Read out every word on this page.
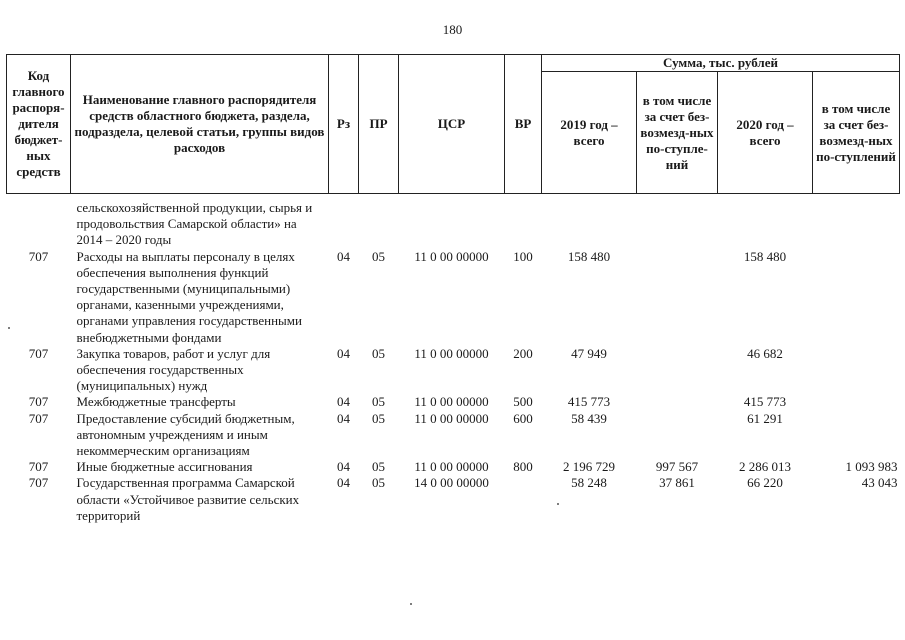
180
Код главного распоря-дителя бюджет-ных средств	Наименование главного распорядителя средств областного бюджета, раздела, подраздела, целевой статьи, группы видов расходов	Рз	ПР	ЦСР	ВР	Сумма, тыс. рублей			
						2019 год – всего	в том числе за счет без-возмезд-ных по-ступле-ний	2020 год – всего	в том числе за счет без-возмезд-ных по-ступлений

	сельскохозяйственной продукции, сырья и продовольствия Самарской области» на 2014 – 2020 годы								
707	Расходы на выплаты персоналу в целях обеспечения выполнения функций государственными (муниципальными) органами, казенными учреждениями, органами управления государственными внебюджетными фондами	04	05	11 0 00 00000	100	158 480		158 480	
707	Закупка товаров, работ и услуг для обеспечения государственных (муниципальных) нужд	04	05	11 0 00 00000	200	47 949		46 682	
707	Межбюджетные трансферты	04	05	11 0 00 00000	500	415 773		415 773	
707	Предоставление субсидий бюджетным, автономным учреждениям и иным некоммерческим организациям	04	05	11 0 00 00000	600	58 439		61 291	
707	Иные бюджетные ассигнования	04	05	11 0 00 00000	800	2 196 729	997 567	2 286 013	1 093 983
707	Государственная программа Самарской области «Устойчивое развитие сельских территорий	04	05	14 0 00 00000		58 248	37 861	66 220	43 043
